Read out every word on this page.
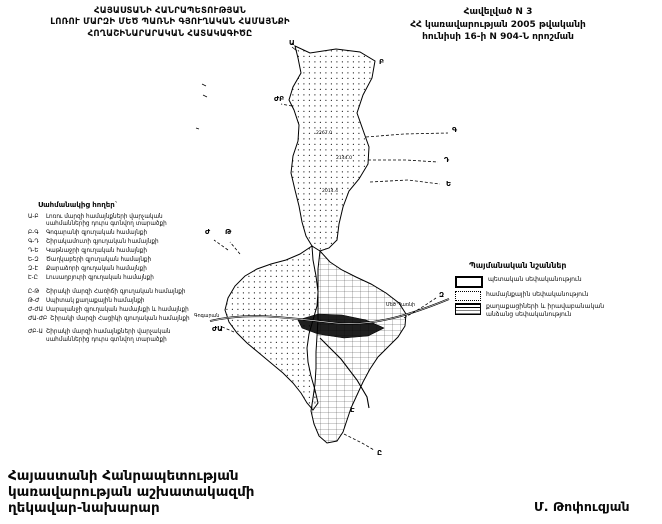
ՀԱՅԱՍՏԱՆԻ ՀԱՆՐԱՊԵՏՈՒԹՅԱՆ
ԼՈՌՈՒ ՄԱՐԶԻ ՄԵԾ ՊԱՌՆԻ ԳՅՈՒՂԱԿԱՆ ՀԱՄԱՅՆՔԻ
ՀՈՂԱՇԻՆԱՐԱՐԱԿԱՆ ՀԱՏԱԿԱԳԻԾԸ
Հավելված N 3
ՀՀ կառավարության 2005 թվականի
հունիսի 16-ի N 904-Ն որոշման
Ա
Բ
Գ
Դ
Ե
Զ
Է
Ը
Թ
Ժ
ԺԱ
ԺԲ
2267.0
2144.0
2014.4
Մեծ Պառնի
Գոգարան
Սահմանակից հողեր`
Ա-Բ	Լոռու մարզի համայնքների վարչական սահմաններից դուրս գտնվող տարածքի
Բ-Գ	Գոգարանի գյուղական համայնքի
Գ-Դ	Շիրակամուտի գյուղական համայնքի
Դ-Ե	Կաթնաջրի գյուղական համայնքի
Ե-Զ	Ծաղկաբերի գյուղական համայնքի
Զ-Է	Քարաձորի գյուղական համայնքի
Է-Ը	Լուսաղբյուրի գյուղական համայնքի
Ը-Թ	Շիրակի մարզի Հառիճի գյուղական համայնքի
Թ-Ժ	Սպիտակ քաղաքային համայնքի
Ժ-ԺԱ Սարալանջի գյուղական համայնքի և համայնքի
ԺԱ-ԺԲ Շիրակի մարզի Հացիկի գյուղական համայնքի
ԺԲ-Ա Շիրակի մարզի համայնքների վարչական սահմաններից դուրս գտնվող տարածքի
Պայմանական նշաններ
պետական սեփականություն
համայնքային սեփականություն
քաղաքացիների և իրավաբանական անձանց սեփականություն
Հայաստանի Հանրապետության
կառավարության աշխատակազմի
ղեկավար-նախարար	Մ. Թոփուզյան
